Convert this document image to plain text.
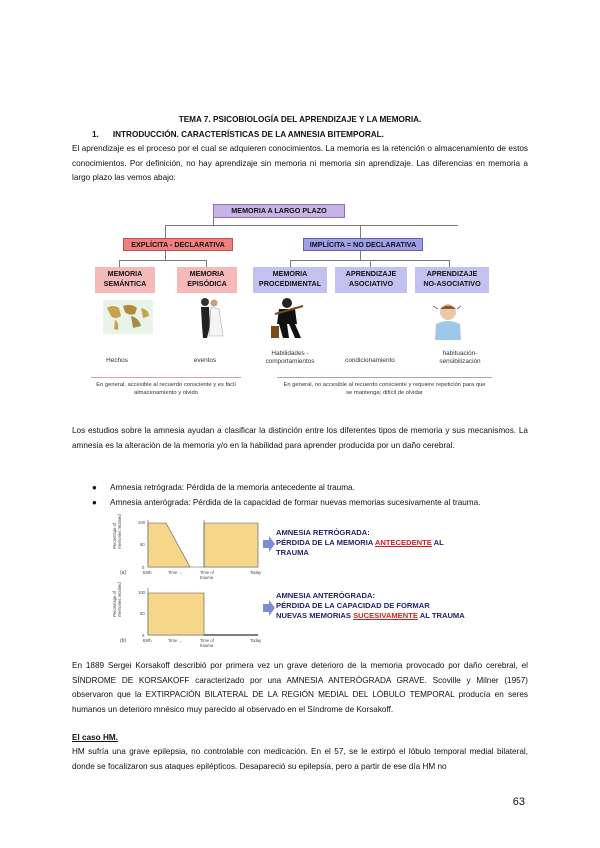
TEMA 7. PSICOBIOLOGÍA DEL APRENDIZAJE Y LA MEMORIA.
1. INTRODUCCIÓN. CARACTERÍSTICAS DE LA AMNESIA BITEMPORAL.
El aprendizaje es el proceso por el cual se adquieren conocimientos. La memoria es la retención o almacenamiento de estos conocimientos. Por definición, no hay aprendizaje sin memoria ni memoria sin aprendizaje. Las diferencias en memoria a largo plazo las vemos abajo:
MEMORIA A LARGO PLAZO
EXPLÍCITA - DECLARATIVA	IMPLÍCITA = NO DECLARATIVA
MEMORIA
SEMÁNTICA
MEMORIA
EPISÓDICA
MEMORIA
PROCEDIMENTAL
APRENDIZAJE
ASOCIATIVO
APRENDIZAJE
NO-ASOCIATIVO
Hechos	eventos
Habilidades -
comportamientos	condicionamiento
habituación-
sensibilización
En general, accesible al recuerdo consciente y es fácil almacenamiento y olvido
En general, no accesible al recuerdo consciente y requiere repetición para que se mantenga; difícil de olvidar
Los estudios sobre la amnesia ayudan a clasificar la distinción entre los diferentes tipos de memoria y sus mecanismos. La amnesia es la alteración de la memoria y/o en la habilidad para aprender producida por un daño cerebral.
● Amnesia retrógrada: Pérdida de la memoria antecedente al trauma.
● Amnesia anterógrada: Pérdida de la capacidad de formar nuevas memorias sucesivamente al trauma.
100
50
0
Percentage of memories retained
(a)	Birth	Time →	Time of trauma
Today
AMNESIA RETRÓGRADA:
PÉRDIDA DE LA MEMORIA ANTECEDENTE AL
TRAUMA
100
50
0
Percentage of memories retained
(b)	Birth	Time →	Time of trauma
Today
AMNESIA ANTERÓGRADA:
PÉRDIDA DE LA CAPACIDAD DE FORMAR
NUEVAS MEMORIAS SUCESIVAMENTE AL TRAUMA
En 1889 Sergei Korsakoff describió por primera vez un grave deterioro de la memoria provocado por daño cerebral, el SÍNDROME DE KORSAKOFF caracterizado por una AMNESIA ANTERÓGRADA GRAVE. Scoville y Milner (1957) observaron que la EXTIRPACIÓN BILATERAL DE LA REGIÓN MEDIAL DEL LÓBULO TEMPORAL producía en seres humanos un deterioro mnésico muy parecido al observado en el Síndrome de Korsakoff.
El caso HM.
HM sufría una grave epilepsia, no controlable con medicación. En el 57, se le extirpó el lóbulo temporal medial bilateral, donde se focalizaron sus ataques epilépticos. Desapareció su epilepsia, pero a partir de ese día HM no
63
